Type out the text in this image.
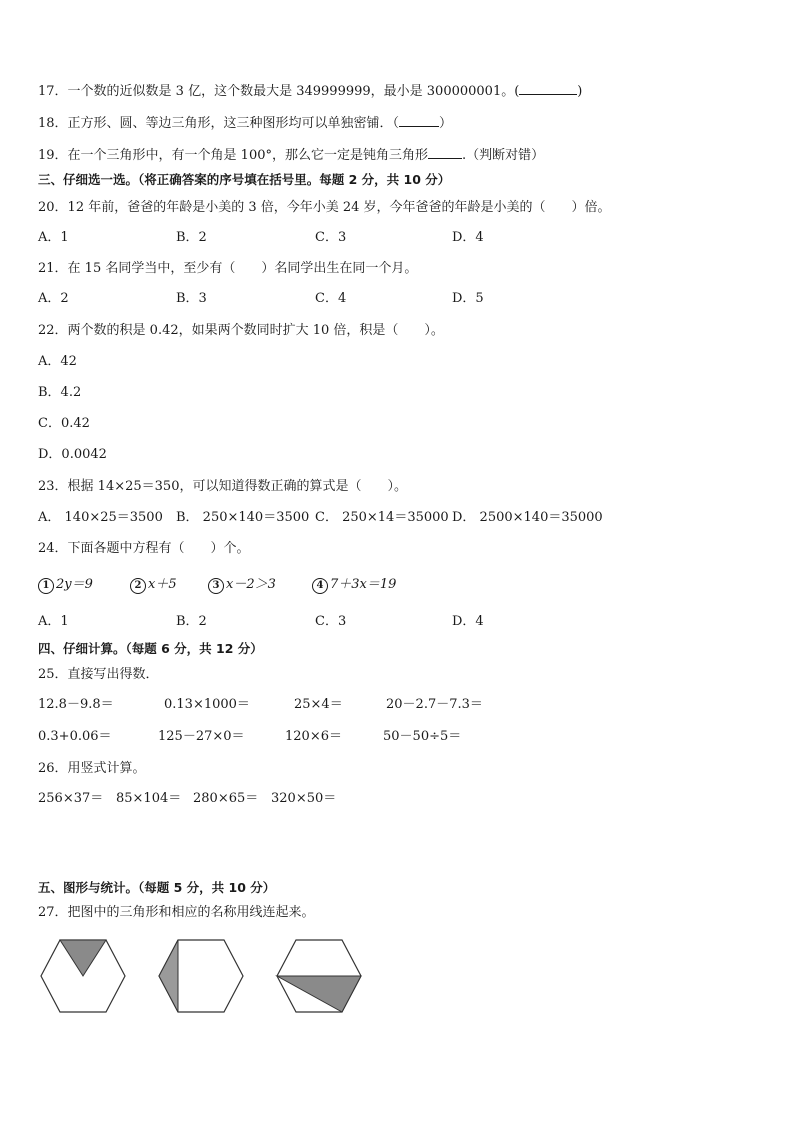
17．一个数的近似数是 3 亿，这个数最大是 349999999，最小是 300000001。(	)
18．正方形、圆、等边三角形，这三种图形均可以单独密铺．（	）
19．在一个三角形中，有一个角是 100°，那么它一定是钝角三角形	.（判断对错）
三、仔细选一选。（将正确答案的序号填在括号里。每题 2 分，共 10 分）
20．12 年前，爸爸的年龄是小美的 3 倍，今年小美 24 岁，今年爸爸的年龄是小美的（　　）倍。
A．1	B．2	C．3	D．4
21．在 15 名同学当中，至少有（　　）名同学出生在同一个月。
A．2	B．3	C．4	D．5
22．两个数的积是 0.42，如果两个数同时扩大 10 倍，积是（　　）。
A．42
B．4.2
C．0.42
D．0.0042
23．根据 14×25＝350，可以知道得数正确的算式是（　　）。
A． 140×25＝3500 B． 250×140＝3500 C． 250×14＝35000 D． 2500×140＝35000
24．下面各题中方程有（　　）个。
1 2y＝9	2 x＋5	3 x－2＞3	4 7＋3x＝19
A．1	B．2	C．3	D．4
四、仔细计算。（每题 6 分，共 12 分）
25．直接写出得数．
12.8－9.8＝	0.13×1000＝	25×4＝	20－2.7－7.3＝
0.3+0.06＝	125－27×0＝	120×6＝	50－50÷5＝
26．用竖式计算。
256×37＝ 85×104＝ 280×65＝ 320×50＝
五、图形与统计。（每题 5 分，共 10 分）
27．把图中的三角形和相应的名称用线连起来。
